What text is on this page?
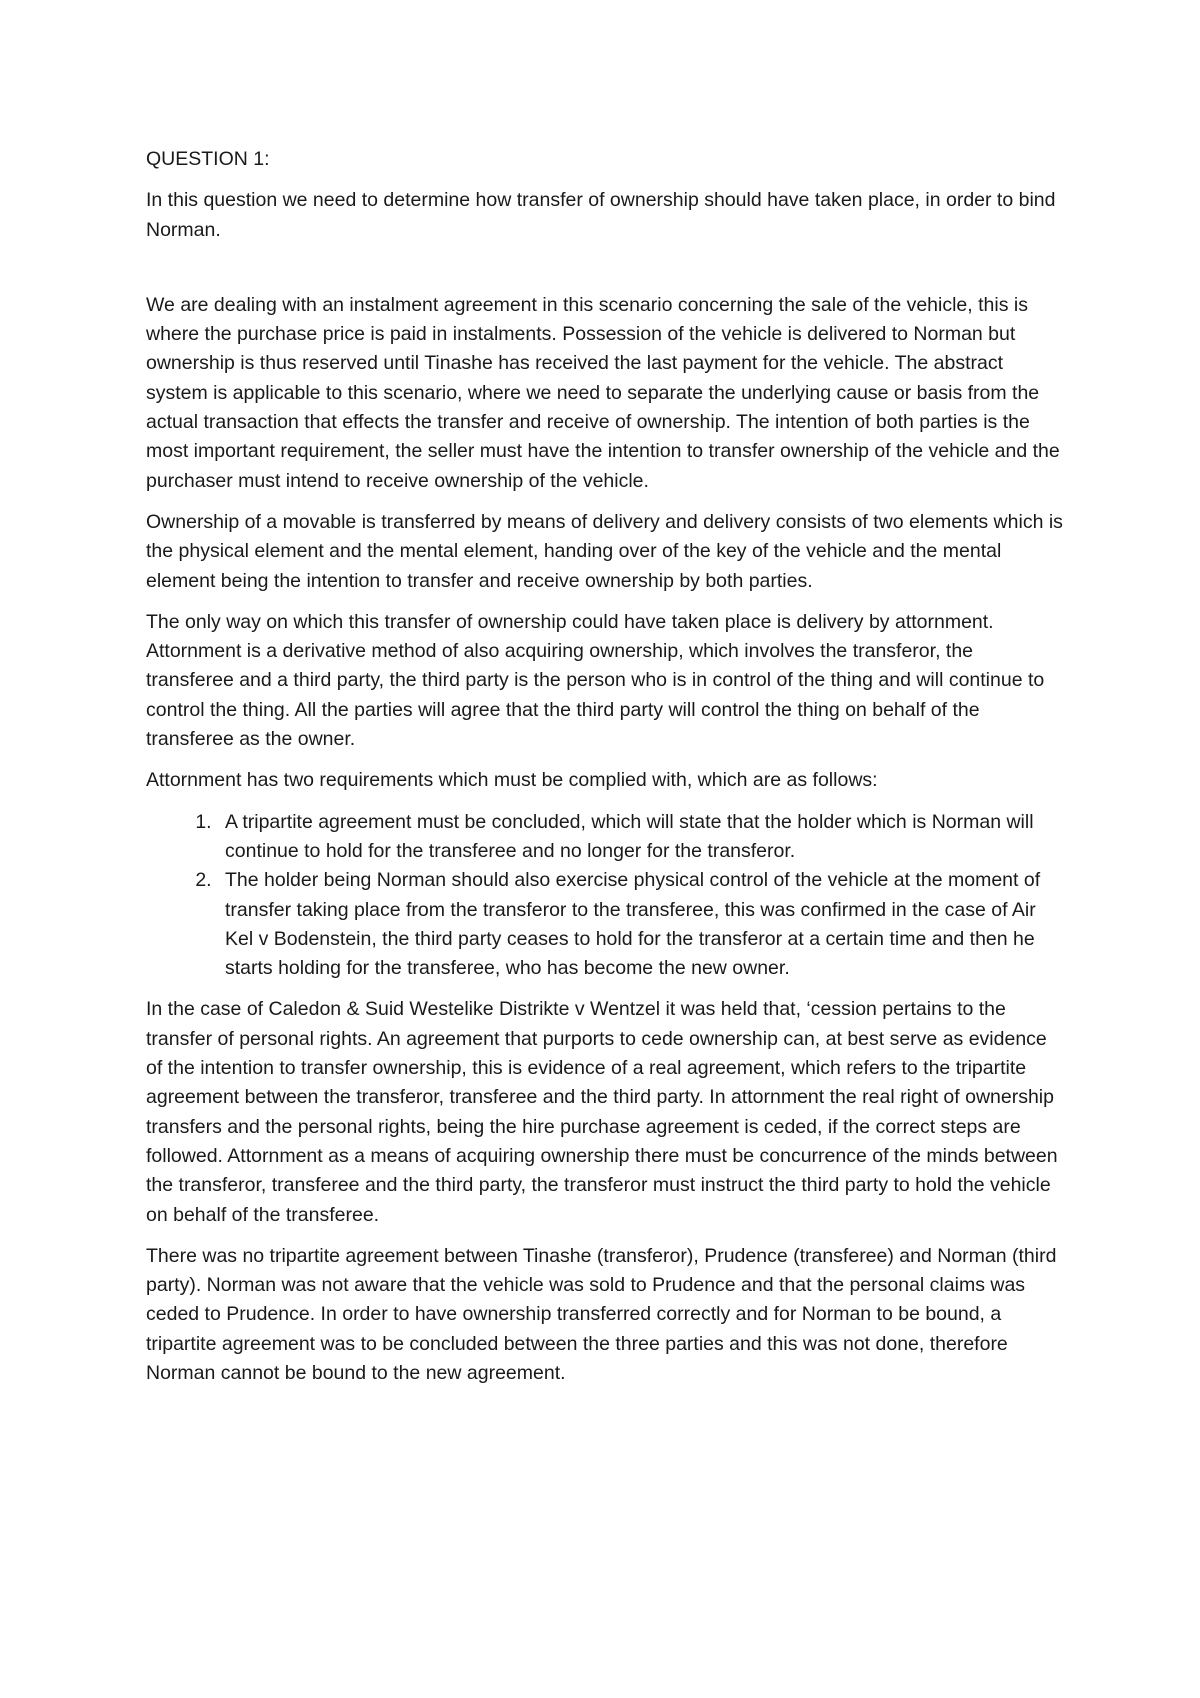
QUESTION 1:

In this question we need to determine how transfer of ownership should have taken place, in order to bind Norman.

We are dealing with an instalment agreement in this scenario concerning the sale of the vehicle, this is where the purchase price is paid in instalments. Possession of the vehicle is delivered to Norman but ownership is thus reserved until Tinashe has received the last payment for the vehicle. The abstract system is applicable to this scenario, where we need to separate the underlying cause or basis from the actual transaction that effects the transfer and receive of ownership. The intention of both parties is the most important requirement, the seller must have the intention to transfer ownership of the vehicle and the purchaser must intend to receive ownership of the vehicle.

Ownership of a movable is transferred by means of delivery and delivery consists of two elements which is the physical element and the mental element, handing over of the key of the vehicle and the mental element being the intention to transfer and receive ownership by both parties.

The only way on which this transfer of ownership could have taken place is delivery by attornment. Attornment is a derivative method of also acquiring ownership, which involves the transferor, the transferee and a third party, the third party is the person who is in control of the thing and will continue to control the thing. All the parties will agree that the third party will control the thing on behalf of the transferee as the owner.

Attornment has two requirements which must be complied with, which are as follows:

1. A tripartite agreement must be concluded, which will state that the holder which is Norman will continue to hold for the transferee and no longer for the transferor.
2. The holder being Norman should also exercise physical control of the vehicle at the moment of transfer taking place from the transferor to the transferee, this was confirmed in the case of Air Kel v Bodenstein, the third party ceases to hold for the transferor at a certain time and then he starts holding for the transferee, who has become the new owner.

In the case of Caledon & Suid Westelike Distrikte v Wentzel it was held that, ‘cession pertains to the transfer of personal rights. An agreement that purports to cede ownership can, at best serve as evidence of the intention to transfer ownership, this is evidence of a real agreement, which refers to the tripartite agreement between the transferor, transferee and the third party. In attornment the real right of ownership transfers and the personal rights, being the hire purchase agreement is ceded, if the correct steps are followed. Attornment as a means of acquiring ownership there must be concurrence of the minds between the transferor, transferee and the third party, the transferor must instruct the third party to hold the vehicle on behalf of the transferee.

There was no tripartite agreement between Tinashe (transferor), Prudence (transferee) and Norman (third party). Norman was not aware that the vehicle was sold to Prudence and that the personal claims was ceded to Prudence. In order to have ownership transferred correctly and for Norman to be bound, a tripartite agreement was to be concluded between the three parties and this was not done, therefore Norman cannot be bound to the new agreement.
